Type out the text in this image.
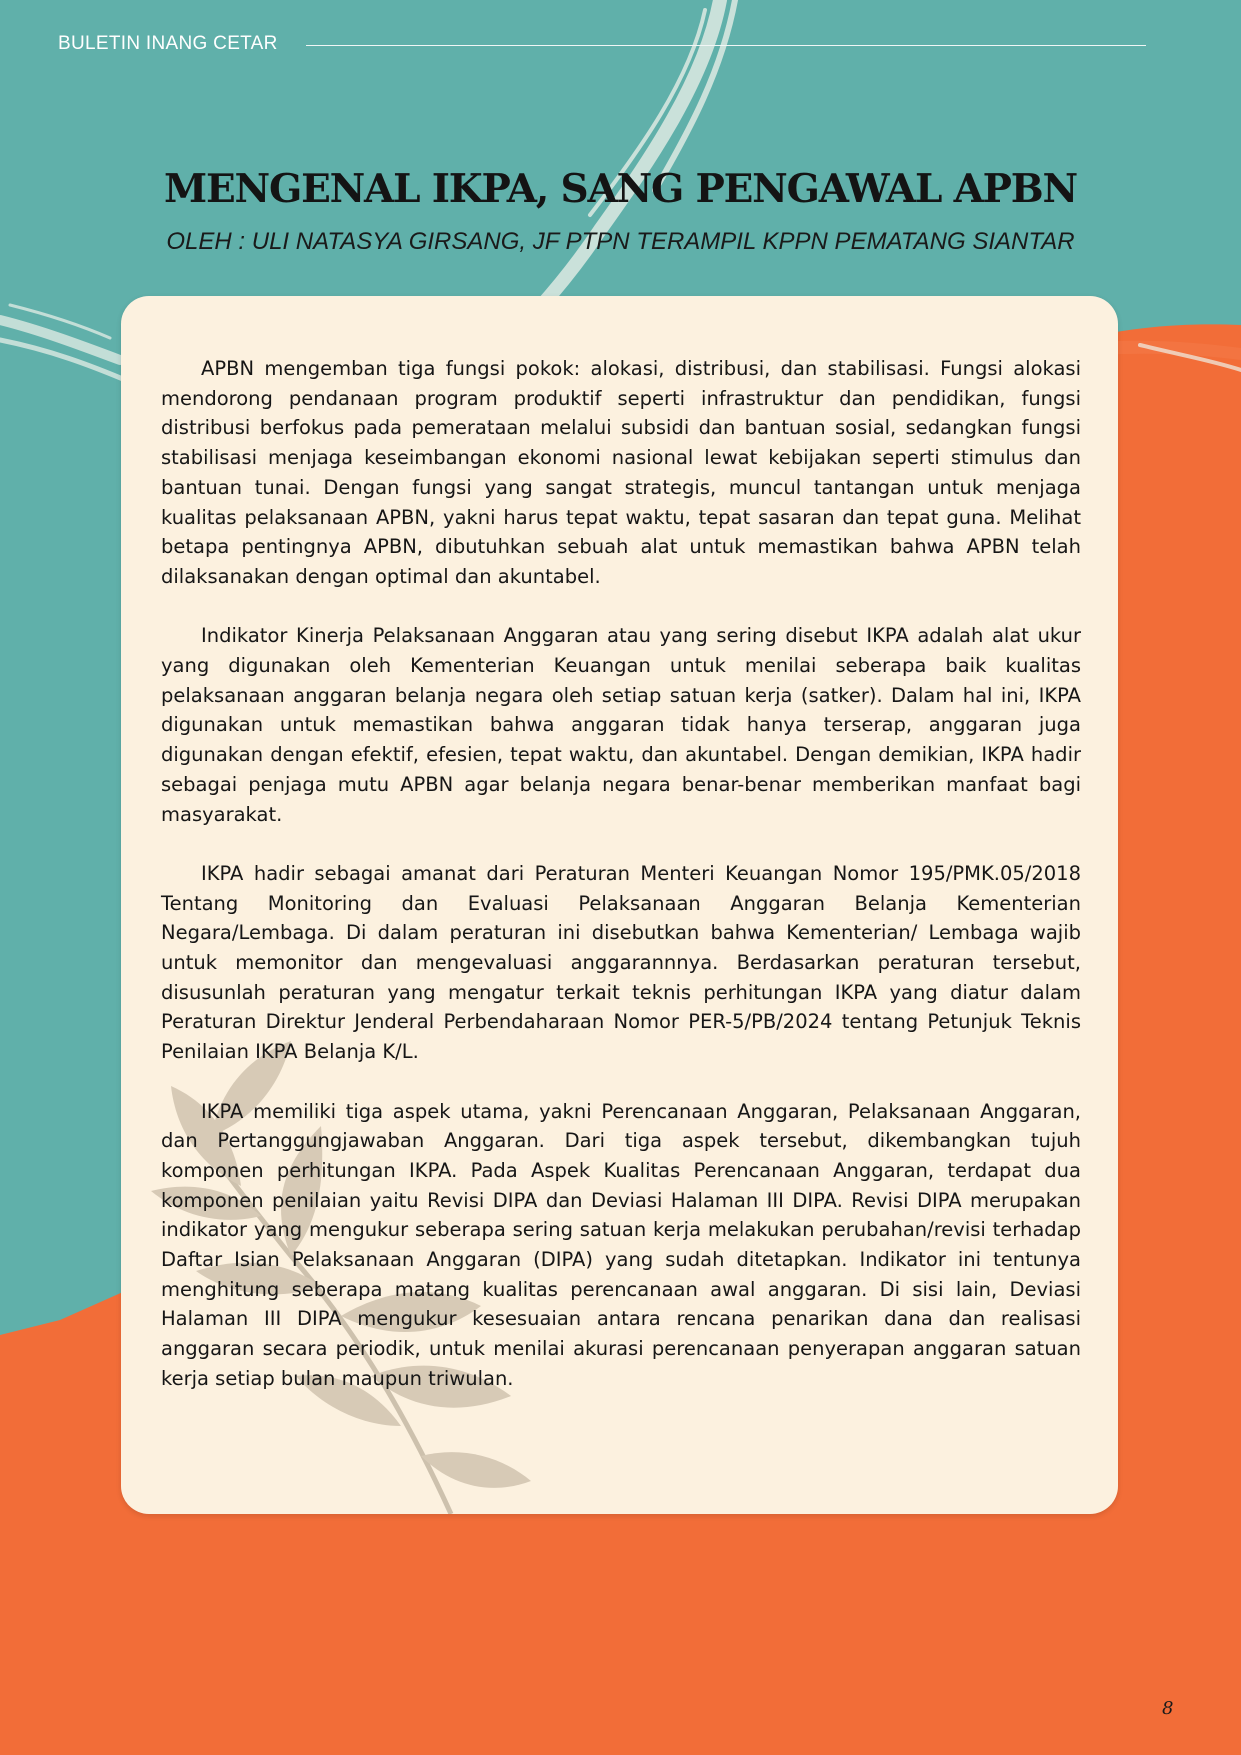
BULETIN INANG CETAR
MENGENAL IKPA, SANG PENGAWAL APBN
OLEH : ULI NATASYA GIRSANG, JF PTPN TERAMPIL KPPN PEMATANG SIANTAR

APBN mengemban tiga fungsi pokok: alokasi, distribusi, dan stabilisasi. Fungsi alokasi mendorong pendanaan program produktif seperti infrastruktur dan pendidikan, fungsi distribusi berfokus pada pemerataan melalui subsidi dan bantuan sosial, sedangkan fungsi stabilisasi menjaga keseimbangan ekonomi nasional lewat kebijakan seperti stimulus dan bantuan tunai. Dengan fungsi yang sangat strategis, muncul tantangan untuk menjaga kualitas pelaksanaan APBN, yakni harus tepat waktu, tepat sasaran dan tepat guna. Melihat betapa pentingnya APBN, dibutuhkan sebuah alat untuk memastikan bahwa APBN telah dilaksanakan dengan optimal dan akuntabel.

Indikator Kinerja Pelaksanaan Anggaran atau yang sering disebut IKPA adalah alat ukur yang digunakan oleh Kementerian Keuangan untuk menilai seberapa baik kualitas pelaksanaan anggaran belanja negara oleh setiap satuan kerja (satker). Dalam hal ini, IKPA digunakan untuk memastikan bahwa anggaran tidak hanya terserap, anggaran juga digunakan dengan efektif, efesien, tepat waktu, dan akuntabel. Dengan demikian, IKPA hadir sebagai penjaga mutu APBN agar belanja negara benar-benar memberikan manfaat bagi masyarakat.

IKPA hadir sebagai amanat dari Peraturan Menteri Keuangan Nomor 195/PMK.05/2018 Tentang Monitoring dan Evaluasi Pelaksanaan Anggaran Belanja Kementerian Negara/Lembaga. Di dalam peraturan ini disebutkan bahwa Kementerian/ Lembaga wajib untuk memonitor dan mengevaluasi anggarannnya. Berdasarkan peraturan tersebut, disusunlah peraturan yang mengatur terkait teknis perhitungan IKPA yang diatur dalam Peraturan Direktur Jenderal Perbendaharaan Nomor PER-5/PB/2024 tentang Petunjuk Teknis Penilaian IKPA Belanja K/L.

IKPA memiliki tiga aspek utama, yakni Perencanaan Anggaran, Pelaksanaan Anggaran, dan Pertanggungjawaban Anggaran. Dari tiga aspek tersebut, dikembangkan tujuh komponen perhitungan IKPA. Pada Aspek Kualitas Perencanaan Anggaran, terdapat dua komponen penilaian yaitu Revisi DIPA dan Deviasi Halaman III DIPA. Revisi DIPA merupakan indikator yang mengukur seberapa sering satuan kerja melakukan perubahan/revisi terhadap Daftar Isian Pelaksanaan Anggaran (DIPA) yang sudah ditetapkan. Indikator ini tentunya menghitung seberapa matang kualitas perencanaan awal anggaran. Di sisi lain, Deviasi Halaman III DIPA mengukur kesesuaian antara rencana penarikan dana dan realisasi anggaran secara periodik, untuk menilai akurasi perencanaan penyerapan anggaran satuan kerja setiap bulan maupun triwulan.

8
